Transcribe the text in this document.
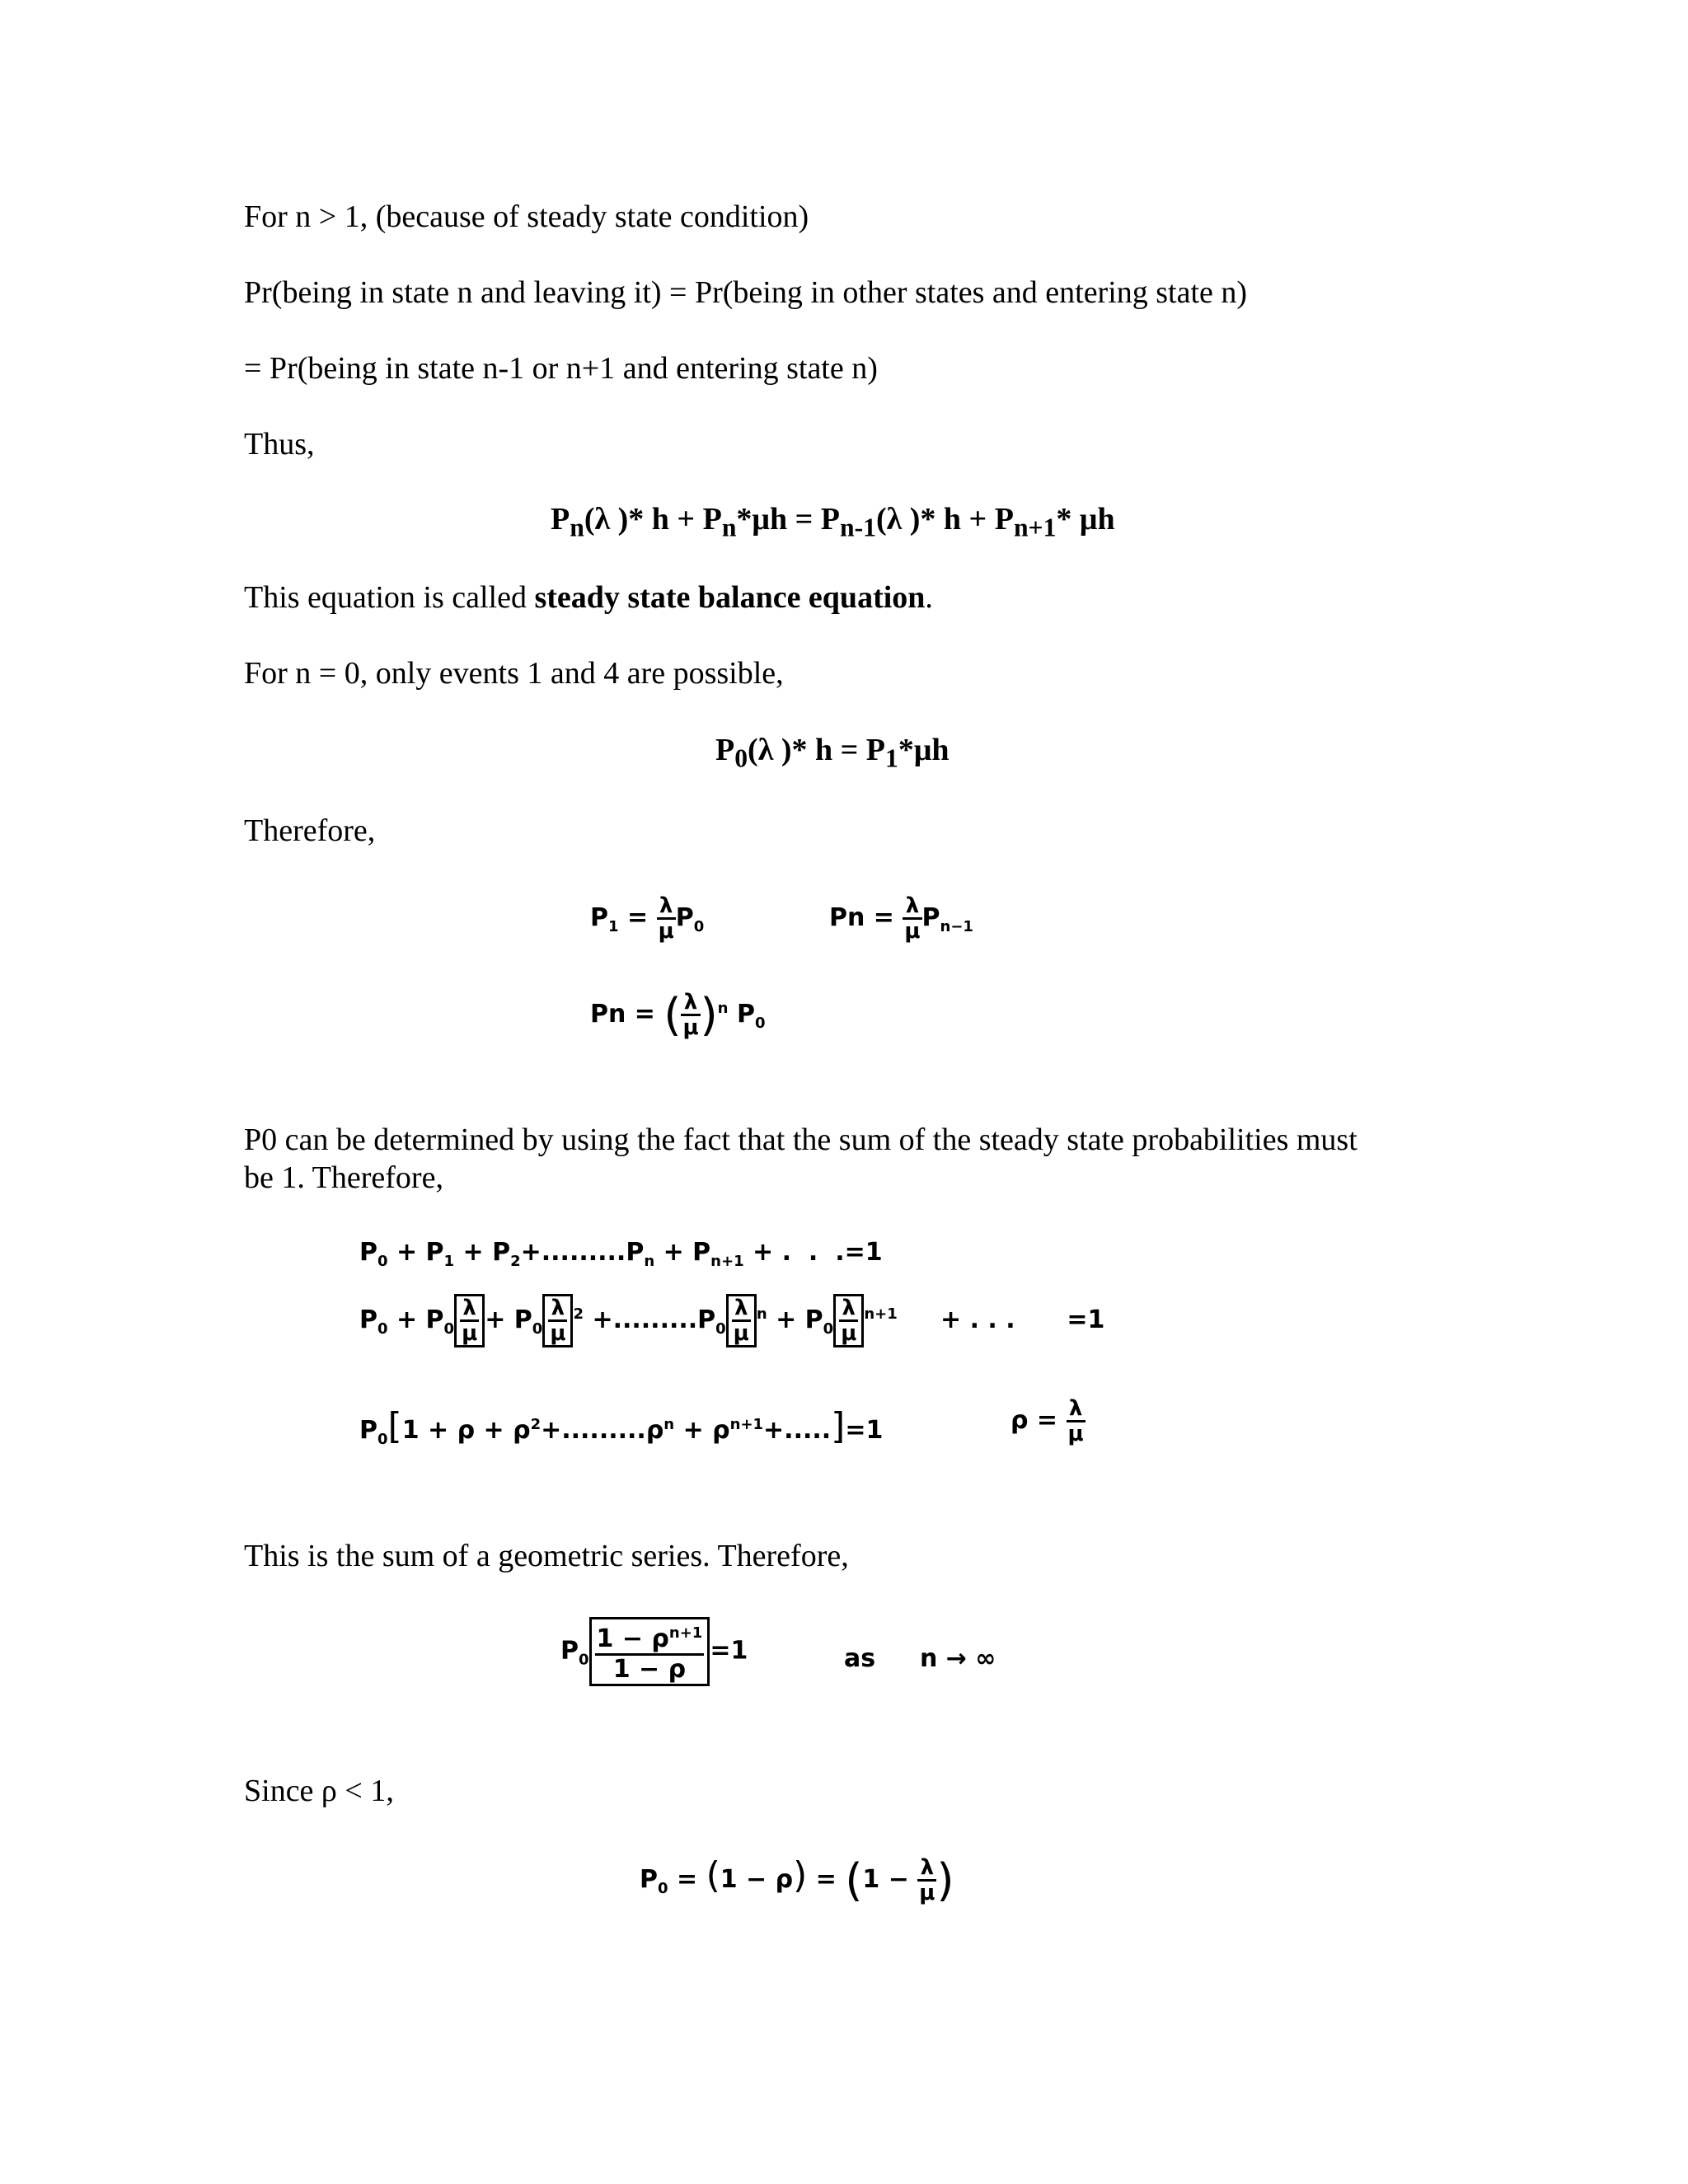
For n > 1, (because of steady state condition)
Pr(being in state n and leaving it) = Pr(being in other states and entering state n)
= Pr(being in state n-1 or n+1 and entering state n)
Thus,
$P_n(\lambda$ )* $h + P_n*\mu h = P_{n-1}(\lambda$ )* $h + P_{n+1}*$ μh
This equation is called steady state balance equation.
For n = 0, only events 1 and 4 are possible,
$P_0(\lambda$ )* $h = P_1*\mu h$
Therefore,
$P_1 = \frac{\lambda}{\mu} P_0$	$Pn = \frac{\lambda}{\mu} P_{n-1}$
Pn = ( $\frac{\lambda}{\mu} )^n$ $P_0$
P0 can be determined by using the fact that the sum of the steady state probabilities must
be 1. Therefore,
$P_0 + P_1 + P_2+.........P_n + P_{n+1}$ + .  .  .=1
$P_0 + P_0 \frac{\lambda}{\mu} + P_0 \frac{\lambda}{\mu} ^2 +.........P_0 \frac{\lambda}{\mu} ^n + P_0 \frac{\lambda}{\mu} ^{n+1}$ + . . . =1
$P_0[1 + \rho + \rho^2+.........\rho^n + \rho^{n+1}+.....]=1$	$\rho = \frac{\lambda}{\mu}$
This is the sum of a geometric series. Therefore,
$P_0 \frac{1 - \rho^{n+1}}{1 - \rho} =1$	as n → ∞
Since ρ < 1,
$P_0 = (1 - \rho) = (1 - \frac{\lambda}{\mu}$ )
